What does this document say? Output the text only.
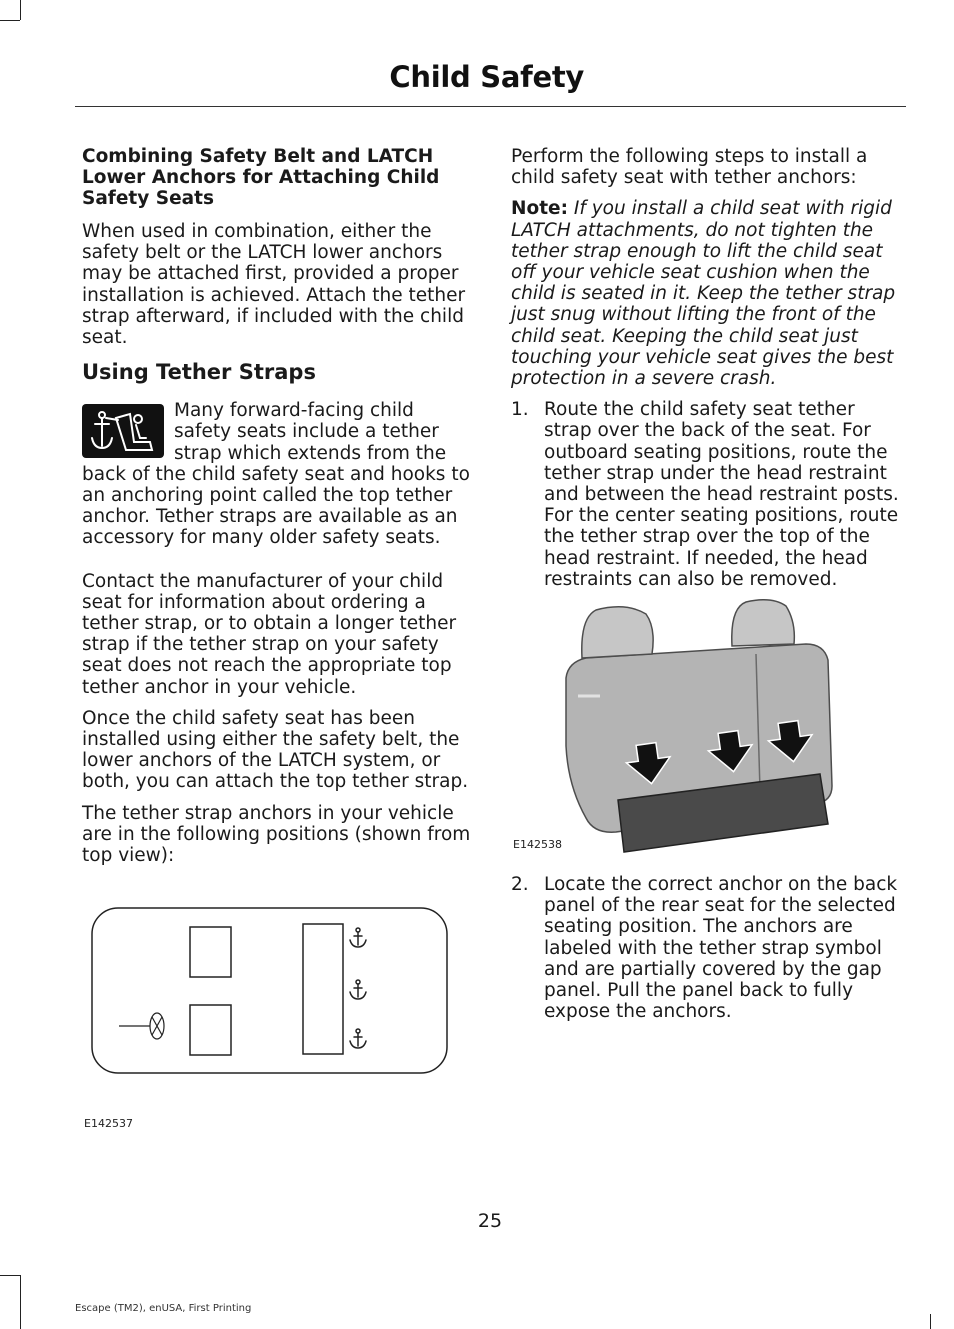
Child Safety
Combining Safety Belt and LATCH Lower Anchors for Attaching Child Safety Seats

When used in combination, either the safety belt or the LATCH lower anchors may be attached first, provided a proper installation is achieved. Attach the tether strap afterward, if included with the child seat.

Using Tether Straps

Many forward-facing child safety seats include a tether strap which extends from the back of the child safety seat and hooks to an anchoring point called the top tether anchor. Tether straps are available as an accessory for many older safety seats.

Contact the manufacturer of your child seat for information about ordering a tether strap, or to obtain a longer tether strap if the tether strap on your safety seat does not reach the appropriate top tether anchor in your vehicle.

Once the child safety seat has been installed using either the safety belt, the lower anchors of the LATCH system, or both, you can attach the top tether strap.

The tether strap anchors in your vehicle are in the following positions (shown from top view):

E142537

Perform the following steps to install a child safety seat with tether anchors:

Note: If you install a child seat with rigid LATCH attachments, do not tighten the tether strap enough to lift the child seat off your vehicle seat cushion when the child is seated in it. Keep the tether strap just snug without lifting the front of the child seat. Keeping the child seat just touching your vehicle seat gives the best protection in a severe crash.

1. Route the child safety seat tether strap over the back of the seat. For outboard seating positions, route the tether strap under the head restraint and between the head restraint posts. For the center seating positions, route the tether strap over the top of the head restraint. If needed, the head restraints can also be removed.
2. Locate the correct anchor on the back panel of the rear seat for the selected seating position. The anchors are labeled with the tether strap symbol and are partially covered by the gap panel. Pull the panel back to fully expose the anchors.
E142538
25
Escape (TM2), enUSA, First Printing
